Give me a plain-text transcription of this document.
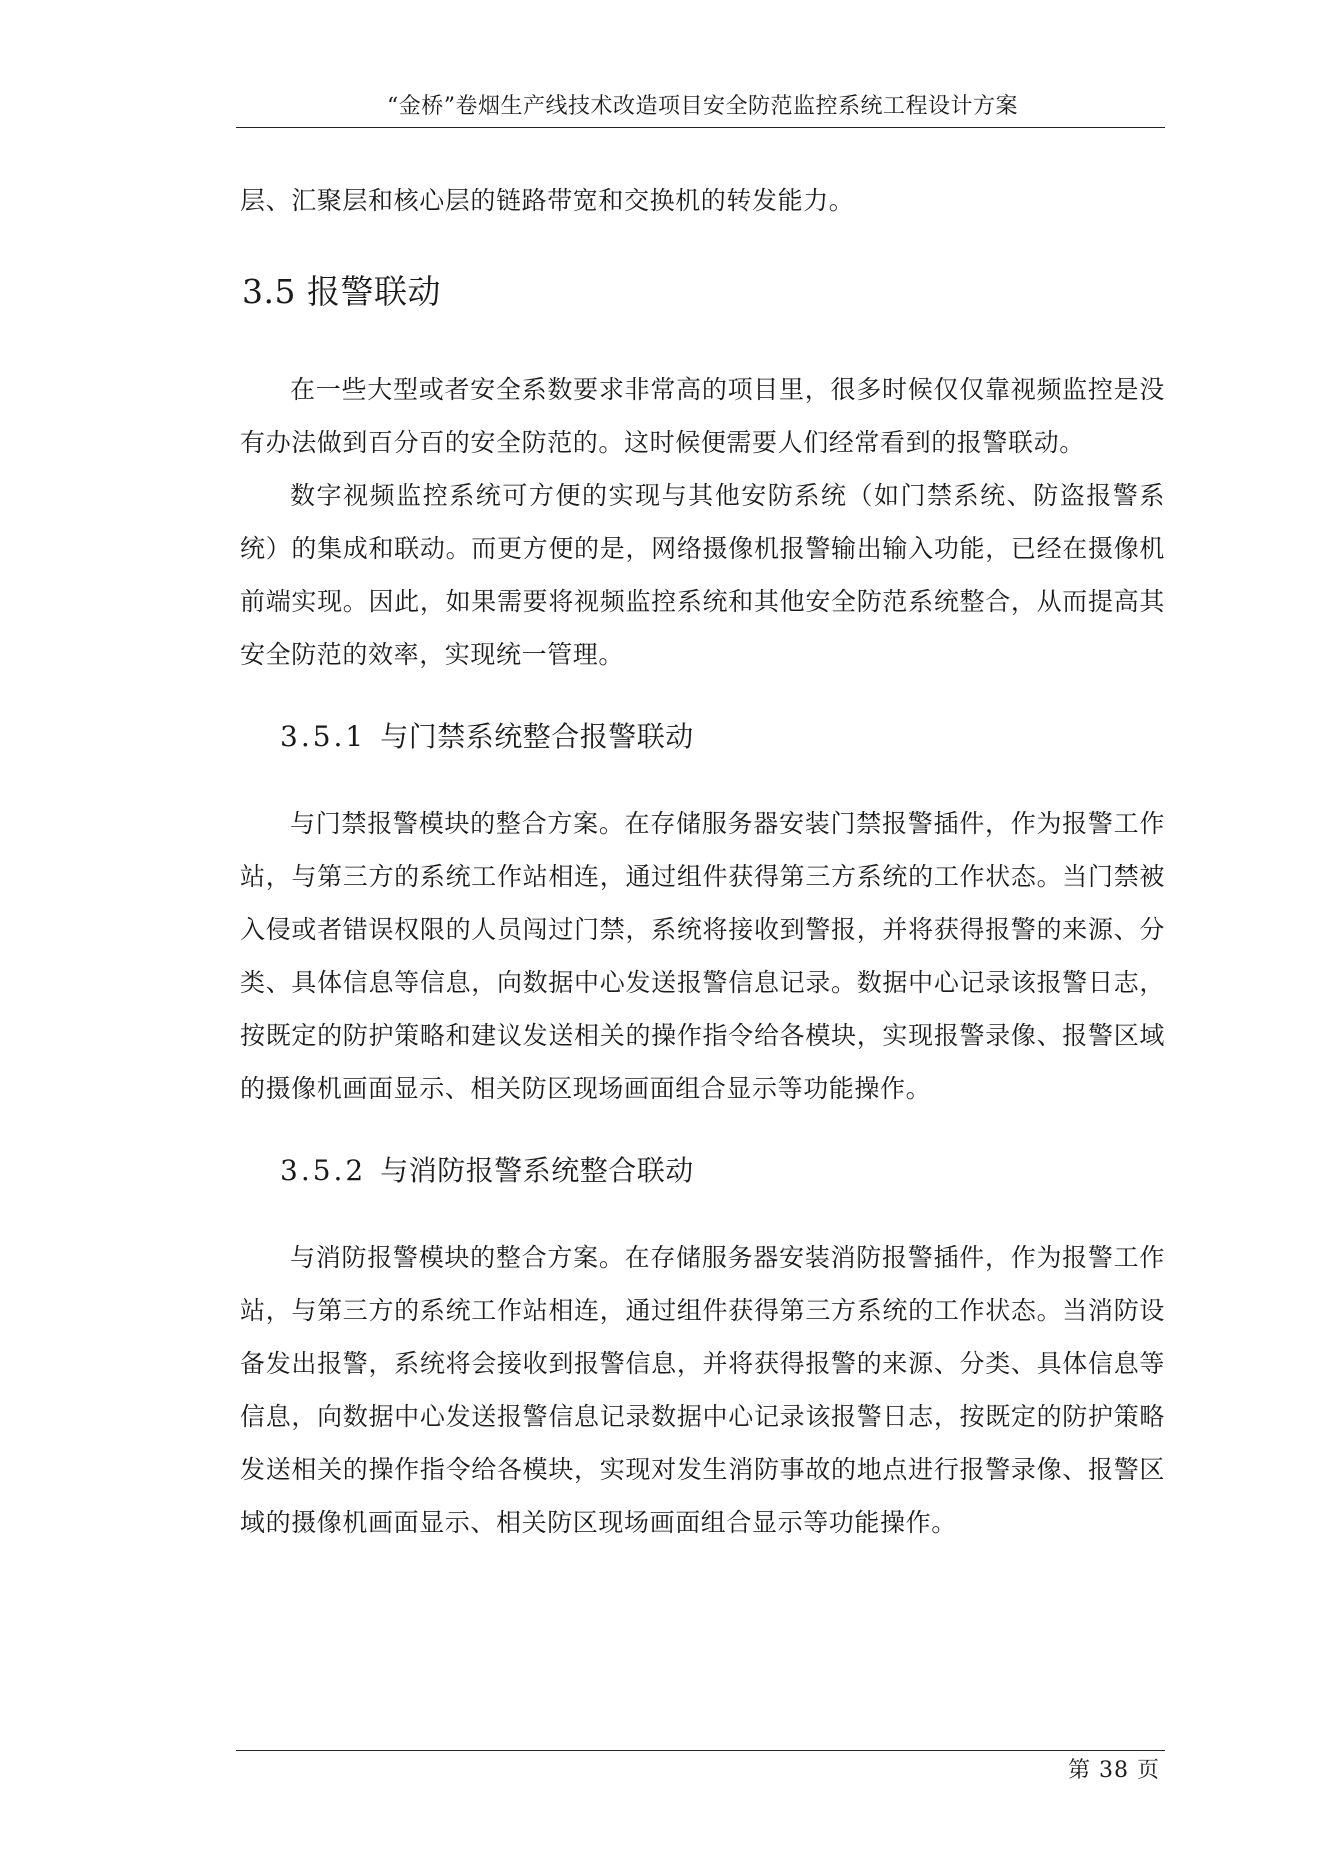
“金桥”卷烟生产线技术改造项目安全防范监控系统工程设计方案

层、汇聚层和核心层的链路带宽和交换机的转发能力。

3.5 报警联动

在一些大型或者安全系数要求非常高的项目里，很多时候仅仅靠视频监控是没有办法做到百分百的安全防范的。这时候便需要人们经常看到的报警联动。

数字视频监控系统可方便的实现与其他安防系统（如门禁系统、防盗报警系统）的集成和联动。而更方便的是，网络摄像机报警输出输入功能，已经在摄像机前端实现。因此，如果需要将视频监控系统和其他安全防范系统整合，从而提高其安全防范的效率，实现统一管理。

3.5.1 与门禁系统整合报警联动

与门禁报警模块的整合方案。在存储服务器安装门禁报警插件，作为报警工作站，与第三方的系统工作站相连，通过组件获得第三方系统的工作状态。当门禁被入侵或者错误权限的人员闯过门禁，系统将接收到警报，并将获得报警的来源、分类、具体信息等信息，向数据中心发送报警信息记录。数据中心记录该报警日志，按既定的防护策略和建议发送相关的操作指令给各模块，实现报警录像、报警区域的摄像机画面显示、相关防区现场画面组合显示等功能操作。

3.5.2 与消防报警系统整合联动

与消防报警模块的整合方案。在存储服务器安装消防报警插件，作为报警工作站，与第三方的系统工作站相连，通过组件获得第三方系统的工作状态。当消防设备发出报警，系统将会接收到报警信息，并将获得报警的来源、分类、具体信息等信息，向数据中心发送报警信息记录数据中心记录该报警日志，按既定的防护策略发送相关的操作指令给各模块，实现对发生消防事故的地点进行报警录像、报警区域的摄像机画面显示、相关防区现场画面组合显示等功能操作。

第 38 页
